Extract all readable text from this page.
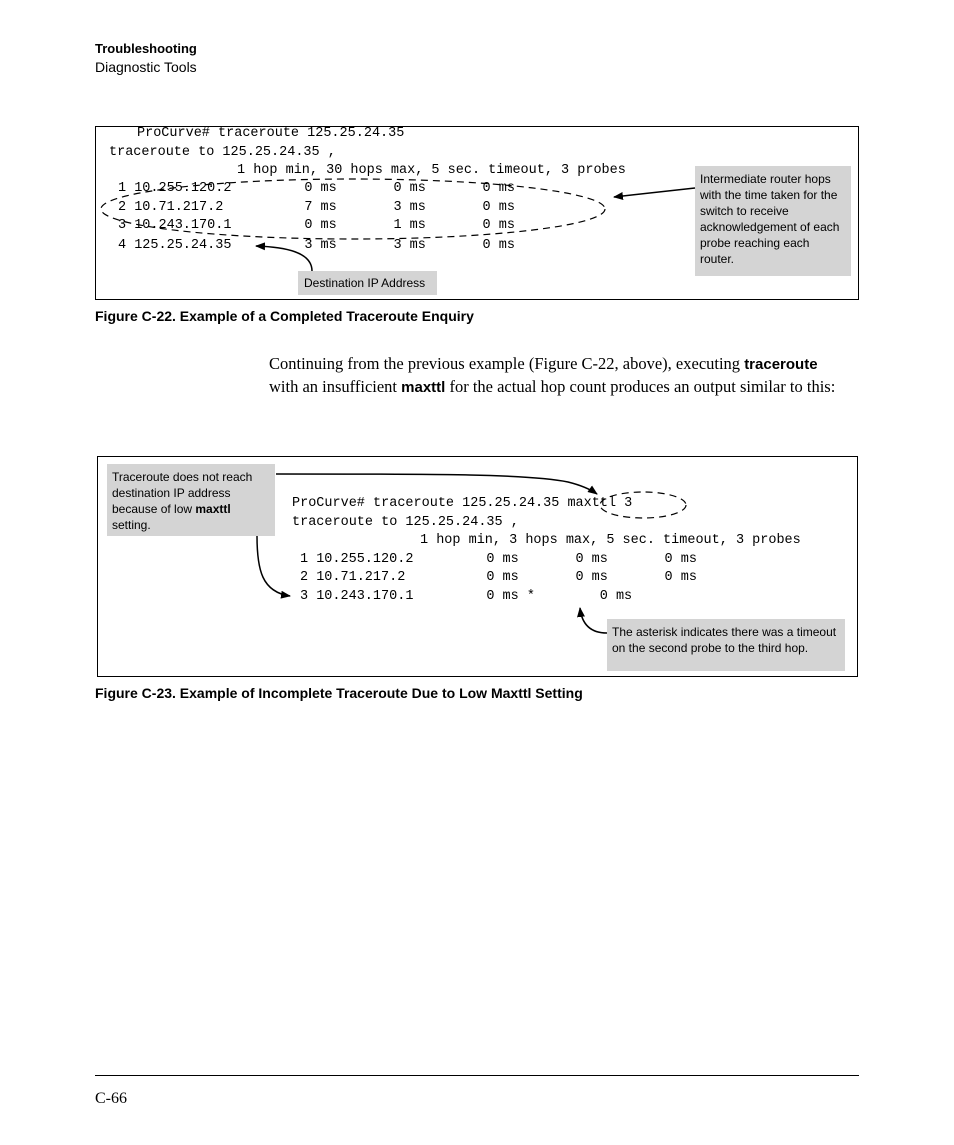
Troubleshooting
Diagnostic Tools
ProCurve# traceroute 125.25.24.35
traceroute to 125.25.24.35 ,
1 hop min, 30 hops max, 5 sec. timeout, 3 probes
1 10.255.120.2         0 ms       0 ms       0 ms
2 10.71.217.2          7 ms       3 ms       0 ms
3 10.243.170.1         0 ms       1 ms       0 ms
4 125.25.24.35         3 ms       3 ms       0 ms
Intermediate router hops with the time taken for the switch to receive acknowledgement of each probe reaching each router.
Destination IP Address
Figure C-22. Example of a Completed Traceroute Enquiry
Continuing from the previous example (Figure C-22, above), executing traceroute with an insufficient maxttl for the actual hop count produces an output similar to this:
ProCurve# traceroute 125.25.24.35 maxttl 3
traceroute to 125.25.24.35 ,
1 hop min, 3 hops max, 5 sec. timeout, 3 probes
1 10.255.120.2         0 ms       0 ms       0 ms
2 10.71.217.2          0 ms       0 ms       0 ms
3 10.243.170.1         0 ms *        0 ms
Traceroute does not reach destination IP address because of low maxttl setting.
The asterisk indicates there was a timeout on the second probe to the third hop.
Figure C-23. Example of Incomplete Traceroute Due to Low Maxttl Setting
C-66
